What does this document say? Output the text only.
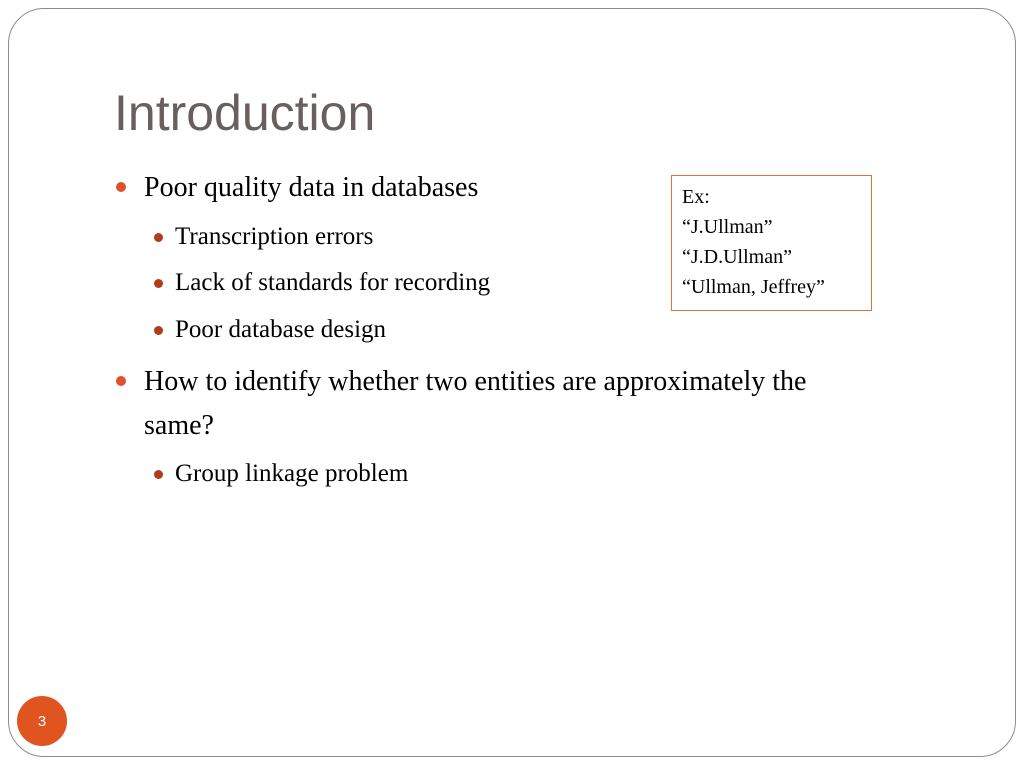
Introduction
Poor quality data in databases
Transcription errors
Lack of standards for recording
Poor database design
How to identify whether two entities are approximately the
same?
Group linkage problem
Ex:
“J.Ullman”
“J.D.Ullman”
“Ullman, Jeffrey”
3
